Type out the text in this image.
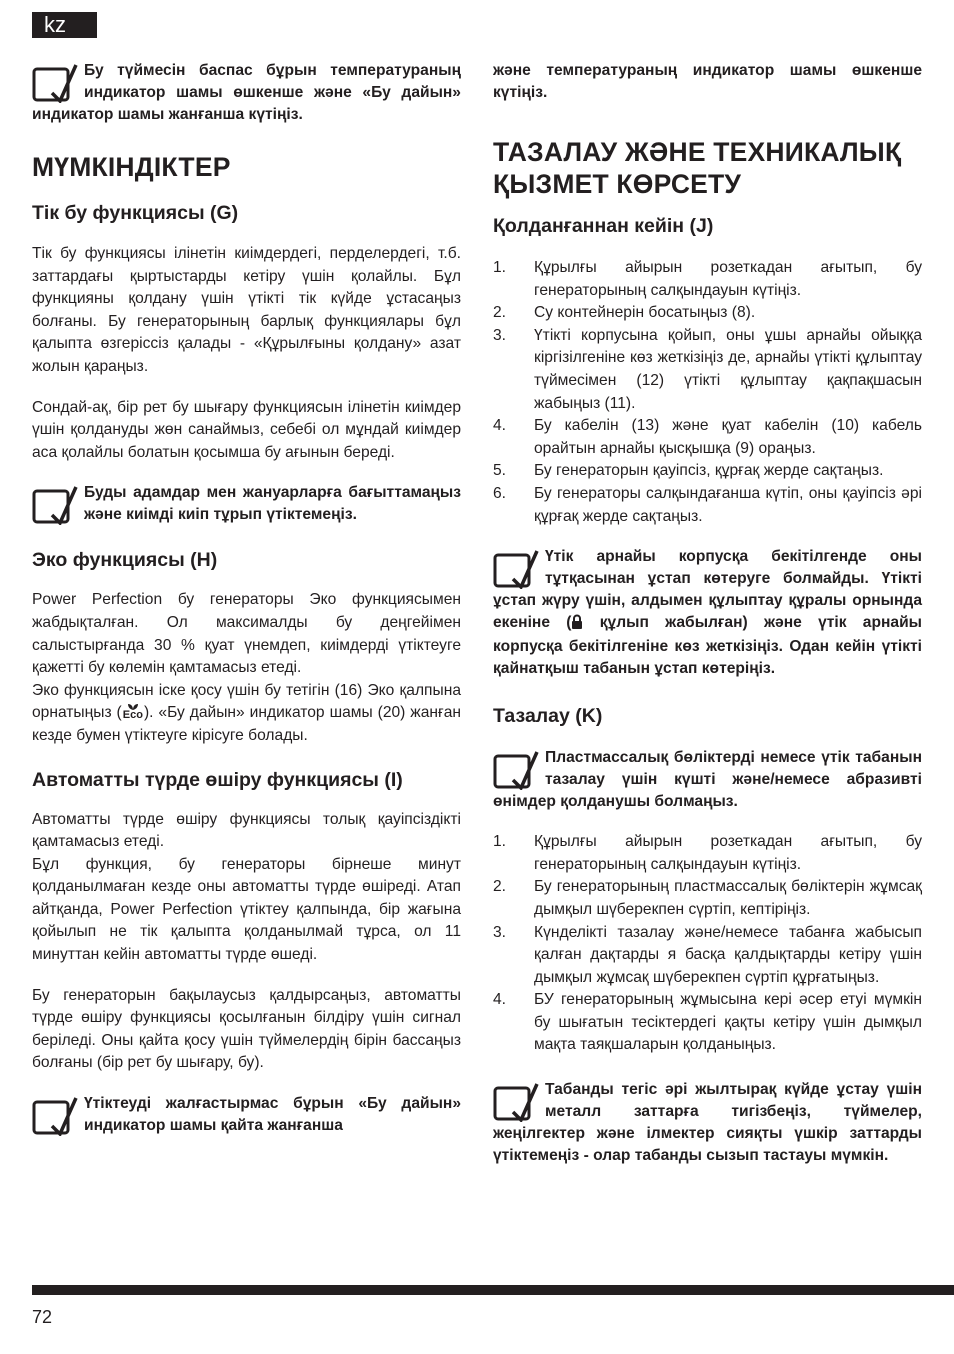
kz
Бу түймесін баспас бұрын температураның индикатор шамы өшкенше және «Бу дайын» индикатор шамы жанғанша күтіңіз.
МҮМКІНДІКТЕР
Тік бу функциясы (G)

Тік бу функциясы ілінетін киімдердегі, перделердегі, т.б. заттардағы қыртыстарды кетіру үшін қолайлы. Бұл функцияны қолдану үшін үтікті тік күйде ұстасаңыз болғаны. Бу генераторының барлық функциялары бұл қалыпта өзгеріссіз қалады - «Құрылғыны қолдану» азат жолын қараңыз.

Сондай-ақ, бір рет бу шығару функциясын ілінетін киімдер үшін қолдануды жөн санаймыз, себебі ол мұндай киімдер аса қолайлы болатын қосымша бу ағынын береді.

Буды адамдар мен жануарларға бағыттамаңыз және киімді киіп тұрып үтіктемеңіз.
Эко функциясы (H)

Power Perfection бу генераторы Эко функциясымен жабдықталған. Ол максималды бу деңгейімен салыстырғанда 30 % қуат үнемдеп, киімдерді үтіктеуге қажетті бу көлемін қамтамасыз етеді.

Эко функциясын іске қосу үшін бу тетігін (16) Эко қалпына орнатыңыз (
Eco). «Бу дайын» индикатор шамы (20) жанған кезде бумен үтіктеуге кірісуге болады.

Автоматты түрде өшіру функциясы (I)

Автоматты түрде өшіру функциясы толық қауіпсіздікті қамтамасыз етеді.

Бұл функция, бу генераторы бірнеше минут қолданылмаған кезде оны автоматты түрде өшіреді. Атап айтқанда, Power Perfection үтіктеу қалпында, бір жағына қойылып не тік қалыпта қолданылмай тұрса, ол 11 минуттан кейін автоматты түрде өшеді.

Бу генераторын бақылаусыз қалдырсаңыз, автоматты түрде өшіру функциясы қосылғанын білдіру үшін сигнал беріледі. Оны қайта қосу үшін түймелердің бірін бассаңыз болғаны (бір рет бу шығару, бу).

Үтіктеуді жалғастырмас бұрын «Бу дайын» индикатор шамы қайта жанғанша

және температураның индикатор шамы өшкенше күтіңіз.

ТАЗАЛАУ ЖӘНЕ ТЕХНИКАЛЫҚ ҚЫЗМЕТ КӨРСЕТУ
Қолданғаннан кейін (J)
1. Құрылғы айырын розеткадан ағытып, бу генераторының салқындауын күтіңіз.
2. Су контейнерін босатыңыз (8).
3. Үтікті корпусына қойып, оны ұшы арнайы ойыққа кіргізілгеніне көз жеткізіңіз де, арнайы үтікті құлыптау түймесімен (12) үтікті құлыптау қақпақшасын жабыңыз (11).
4. Бу кабелін (13) және қуат кабелін (10) кабель орайтын арнайы қысқышқа (9) ораңыз.
5. Бу генераторын қауіпсіз, құрғақ жерде сақтаңыз.
6. Бу генераторы салқындағанша күтіп, оны қауіпсіз әрі құрғақ жерде сақтаңыз.
Үтік арнайы корпусқа бекітілгенде оны тұтқасынан ұстап көтеруге болмайды. Үтікті ұстап жүру үшін, алдымен құлыптау құралы орнында екеніне ( құлып жабылған) және үтік арнайы корпусқа бекітілгеніне көз жеткізіңіз. Одан кейін үтікті қайнатқыш табанын ұстап көтеріңіз.
Тазалау (K)
Пластмассалық бөліктерді немесе үтік табанын тазалау үшін күшті және/немесе абразивті өнімдер қолданушы болмаңыз.
1. Құрылғы айырын розеткадан ағытып, бу генераторының салқындауын күтіңіз.
2. Бу генераторының пластмассалық бөліктерін жұмсақ дымқыл шүберекпен сүртіп, кептіріңіз.
3. Күнделікті тазалау және/немесе табанға жабысып қалған дақтарды я басқа қалдықтарды кетіру үшін дымқыл жұмсақ шүберекпен сүртіп құрғатыңыз.
4. БУ генераторының жұмысына кері әсер етуі мүмкін бу шығатын тесіктердегі қақты кетіру үшін дымқыл мақта таяқшаларын қолданыңыз.
Табанды тегіс әрі жылтырақ күйде ұстау үшін металл заттарға тигізбеңіз, түймелер, жеңілгектер және ілмектер сияқты үшкір заттарды үтіктемеңіз - олар табанды сызып тастауы мүмкін.
72
